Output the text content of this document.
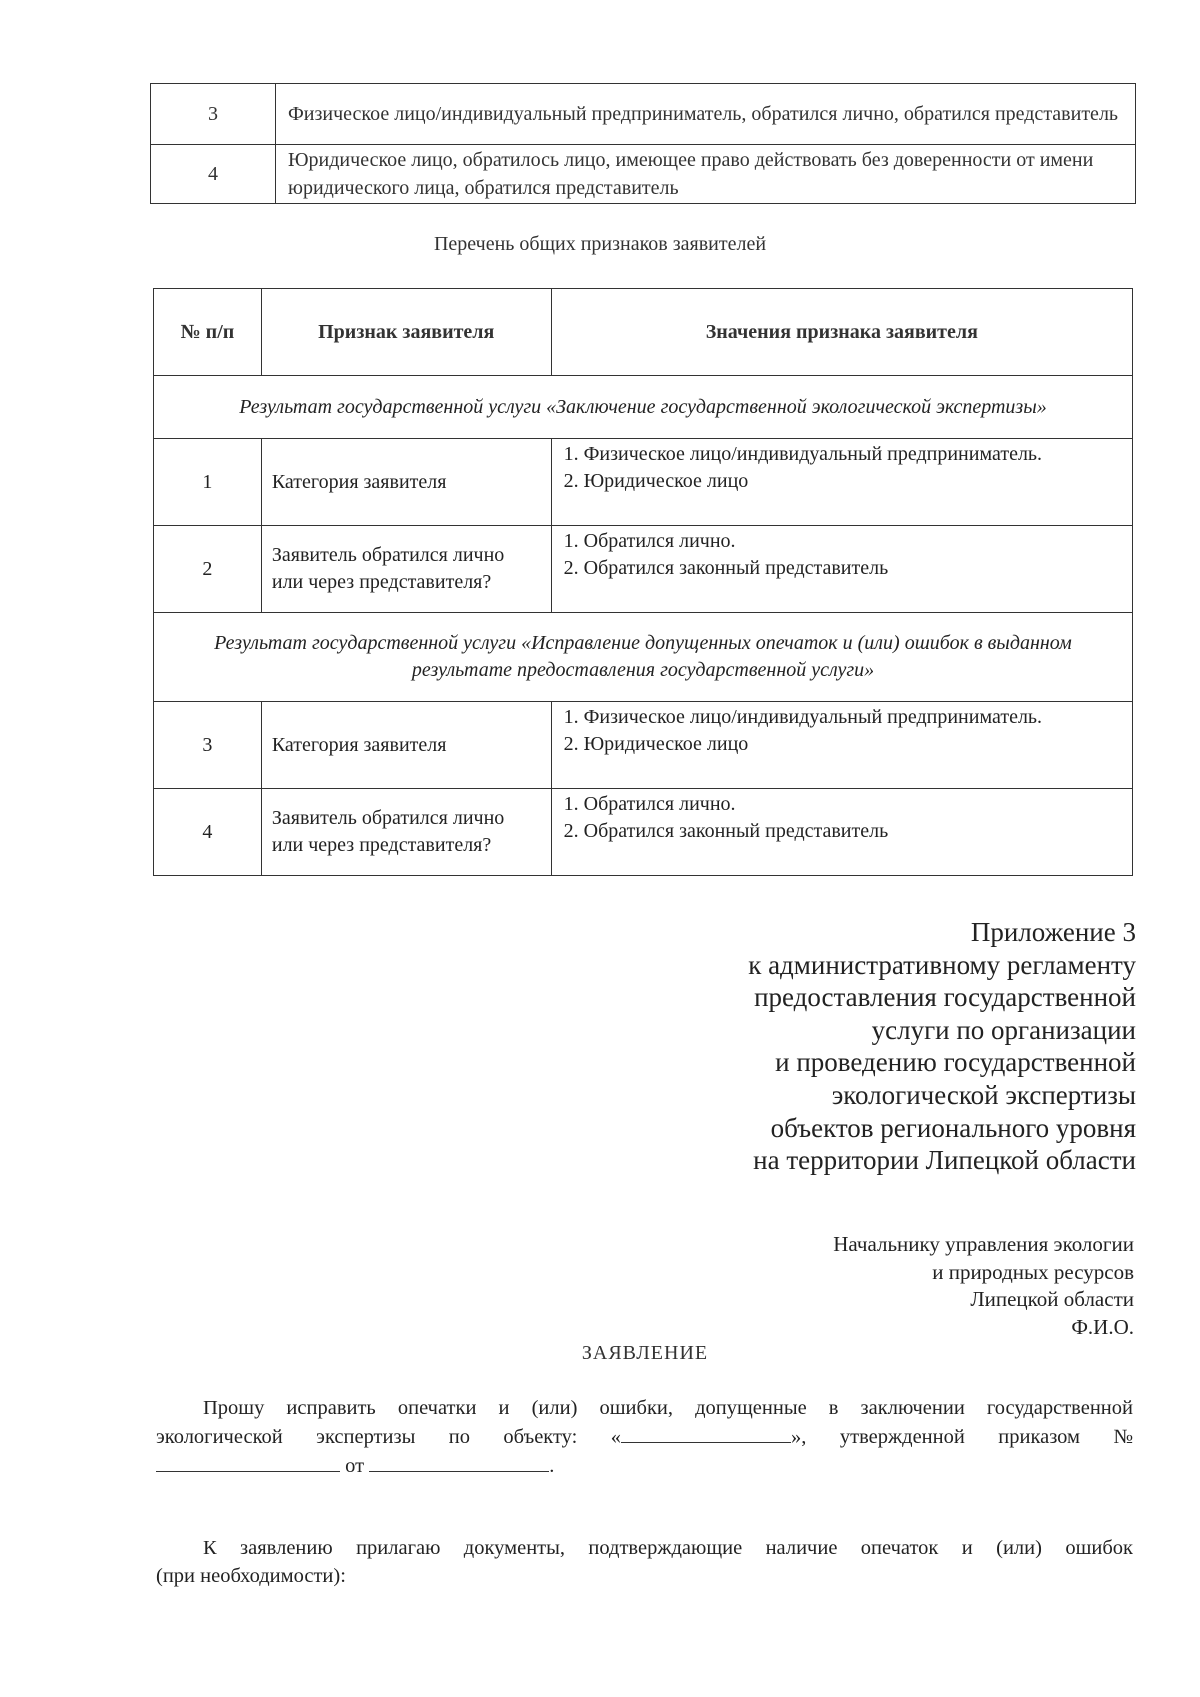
3	Физическое лицо/индивидуальный предприниматель, обратился лично, обратился представитель
4	Юридическое лицо, обратилось лицо, имеющее право действовать без доверенности от имени юридического лица, обратился представитель
Перечень общих признаков заявителей
№ п/п	Признак заявителя	Значения признака заявителя
Результат государственной услуги «Заключение государственной экологической экспертизы»		
1	Категория заявителя	1. Физическое лицо/индивидуальный предприниматель.
2. Юридическое лицо

2	Заявитель обратился лично или через представителя?	1. Обратился лично.
2. Обратился законный представитель

Результат государственной услуги «Исправление допущенных опечаток и (или) ошибок в выданном результате предоставления государственной услуги»		
3	Категория заявителя	1. Физическое лицо/индивидуальный предприниматель.
2. Юридическое лицо

4	Заявитель обратился лично или через представителя?	1. Обратился лично.
2. Обратился законный представитель
Приложение 3
к административному регламенту
предоставления государственной
услуги по организации
и проведению государственной
экологической экспертизы
объектов регионального уровня
на территории Липецкой области
Начальнику управления экологии
и природных ресурсов
Липецкой области
Ф.И.О.
ЗАЯВЛЕНИЕ
Прошу исправить опечатки и (или) ошибки, допущенные в заключении государственной
экологической экспертизы по объекту: «	», утвержденной приказом №
от	.
К заявлению прилагаю документы, подтверждающие наличие опечаток и (или) ошибок
(при необходимости):
